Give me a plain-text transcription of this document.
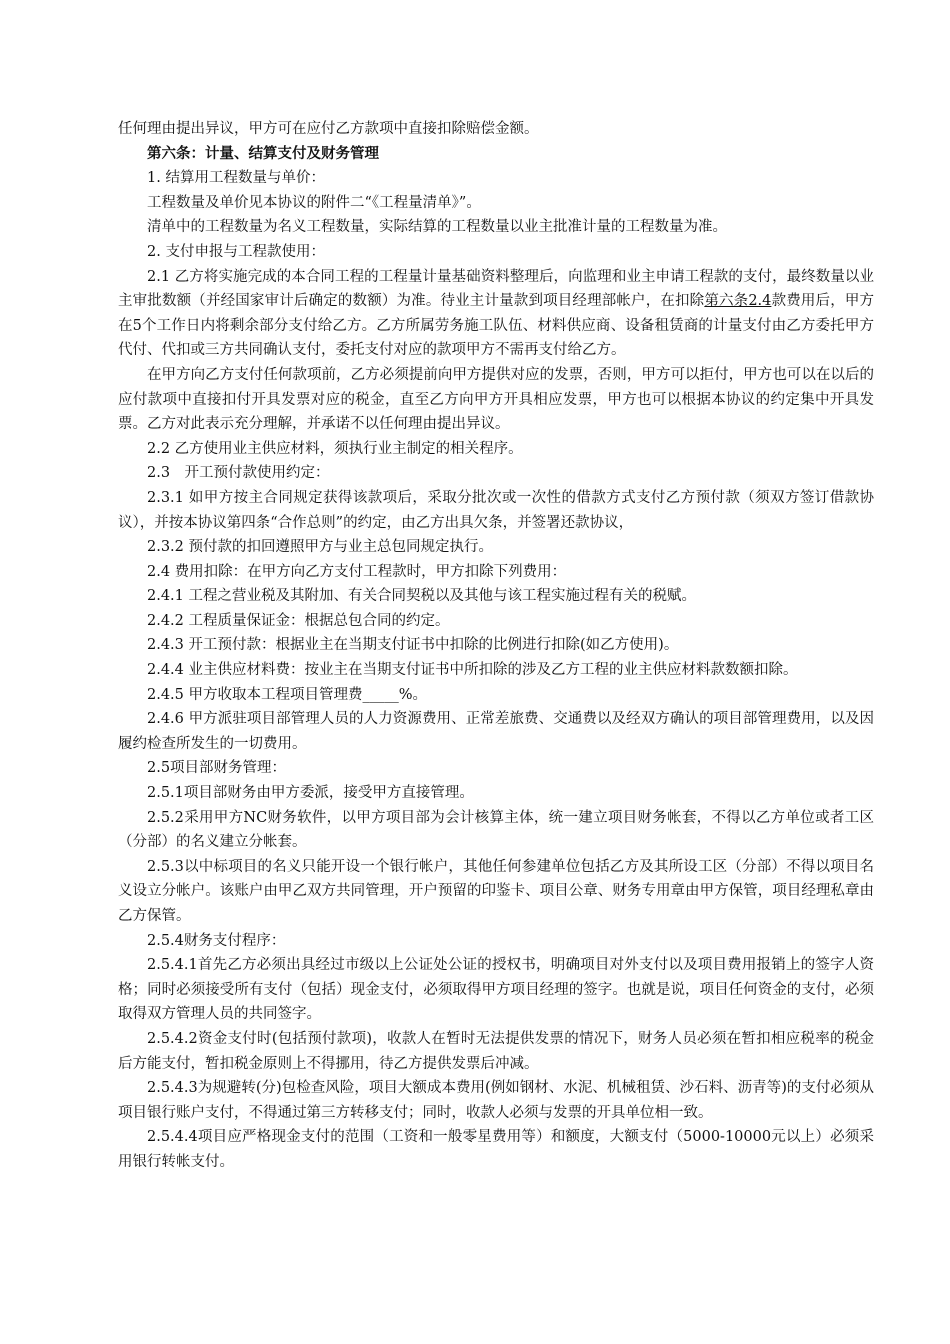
任何理由提出异议，甲方可在应付乙方款项中直接扣除赔偿金额。

第六条：计量、结算支付及财务管理

1. 结算用工程数量与单价：

工程数量及单价见本协议的附件二“《工程量清单》”。

清单中的工程数量为名义工程数量，实际结算的工程数量以业主批准计量的工程数量为准。

2. 支付申报与工程款使用：

2.1 乙方将实施完成的本合同工程的工程量计量基础资料整理后，向监理和业主申请工程款的支付，最终数量以业主审批数额（并经国家审计后确定的数额）为准。待业主计量款到项目经理部帐户，在扣除第六条2.4款费用后，甲方在5个工作日内将剩余部分支付给乙方。乙方所属劳务施工队伍、材料供应商、设备租赁商的计量支付由乙方委托甲方代付、代扣或三方共同确认支付，委托支付对应的款项甲方不需再支付给乙方。

在甲方向乙方支付任何款项前，乙方必须提前向甲方提供对应的发票，否则，甲方可以拒付，甲方也可以在以后的应付款项中直接扣付开具发票对应的税金，直至乙方向甲方开具相应发票，甲方也可以根据本协议的约定集中开具发票。乙方对此表示充分理解，并承诺不以任何理由提出异议。

2.2 乙方使用业主供应材料，须执行业主制定的相关程序。

2.3　开工预付款使用约定：

2.3.1 如甲方按主合同规定获得该款项后，采取分批次或一次性的借款方式支付乙方预付款（须双方签订借款协议），并按本协议第四条“合作总则”的约定，由乙方出具欠条，并签署还款协议，

2.3.2 预付款的扣回遵照甲方与业主总包同规定执行。

2.4 费用扣除：在甲方向乙方支付工程款时，甲方扣除下列费用：

2.4.1 工程之营业税及其附加、有关合同契税以及其他与该工程实施过程有关的税赋。

2.4.2 工程质量保证金：根据总包合同的约定。

2.4.3 开工预付款：根据业主在当期支付证书中扣除的比例进行扣除(如乙方使用)。

2.4.4 业主供应材料费：按业主在当期支付证书中所扣除的涉及乙方工程的业主供应材料款数额扣除。

2.4.5 甲方收取本工程项目管理费_____%。

2.4.6 甲方派驻项目部管理人员的人力资源费用、正常差旅费、交通费以及经双方确认的项目部管理费用，以及因履约检查所发生的一切费用。

2.5项目部财务管理：

2.5.1项目部财务由甲方委派，接受甲方直接管理。

2.5.2采用甲方NC财务软件，以甲方项目部为会计核算主体，统一建立项目财务帐套，不得以乙方单位或者工区（分部）的名义建立分帐套。

2.5.3以中标项目的名义只能开设一个银行帐户，其他任何参建单位包括乙方及其所设工区（分部）不得以项目名义设立分帐户。该账户由甲乙双方共同管理，开户预留的印鉴卡、项目公章、财务专用章由甲方保管，项目经理私章由乙方保管。

2.5.4财务支付程序：

2.5.4.1首先乙方必须出具经过市级以上公证处公证的授权书，明确项目对外支付以及项目费用报销上的签字人资格；同时必须接受所有支付（包括）现金支付，必须取得甲方项目经理的签字。也就是说，项目任何资金的支付，必须取得双方管理人员的共同签字。

2.5.4.2资金支付时(包括预付款项)，收款人在暂时无法提供发票的情况下，财务人员必须在暂扣相应税率的税金后方能支付，暂扣税金原则上不得挪用，待乙方提供发票后冲减。

2.5.4.3为规避转(分)包检查风险，项目大额成本费用(例如钢材、水泥、机械租赁、沙石料、沥青等)的支付必须从项目银行账户支付，不得通过第三方转移支付；同时，收款人必须与发票的开具单位相一致。

2.5.4.4项目应严格现金支付的范围（工资和一般零星费用等）和额度，大额支付（5000-10000元以上）必须采用银行转帐支付。
